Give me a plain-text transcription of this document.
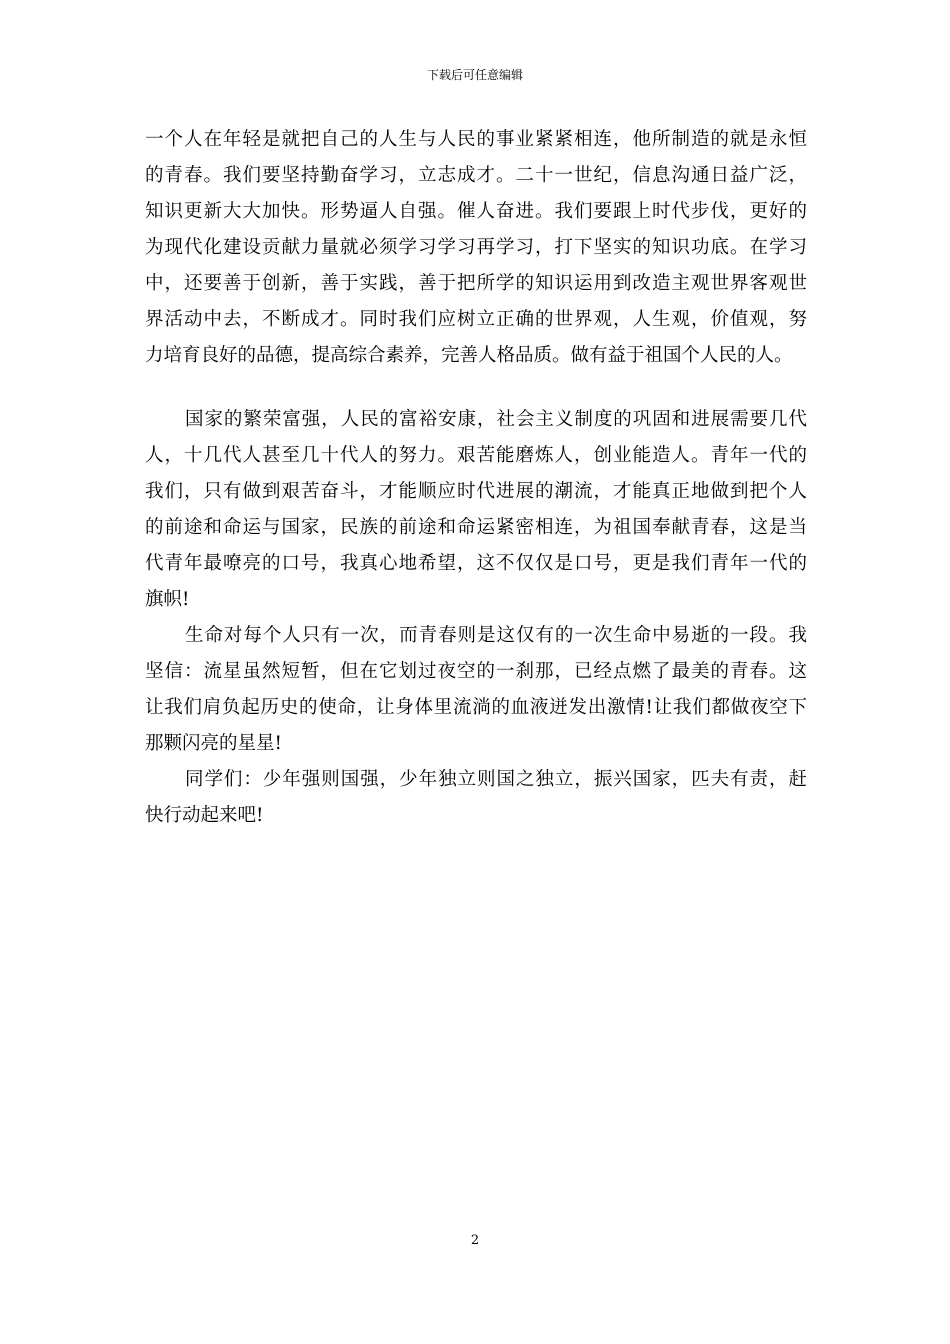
下载后可任意编辑
一个人在年轻是就把自己的人生与人民的事业紧紧相连，他所制造的就是永恒
的青春。我们要坚持勤奋学习，立志成才。二十一世纪，信息沟通日益广泛，
知识更新大大加快。形势逼人自强。催人奋进。我们要跟上时代步伐，更好的
为现代化建设贡献力量就必须学习学习再学习，打下坚实的知识功底。在学习
中，还要善于创新，善于实践，善于把所学的知识运用到改造主观世界客观世
界活动中去，不断成才。同时我们应树立正确的世界观，人生观，价值观，努
力培育良好的品德，提高综合素养，完善人格品质。做有益于祖国个人民的人。
国家的繁荣富强，人民的富裕安康，社会主义制度的巩固和进展需要几代
人，十几代人甚至几十代人的努力。艰苦能磨炼人，创业能造人。青年一代的
我们，只有做到艰苦奋斗，才能顺应时代进展的潮流，才能真正地做到把个人
的前途和命运与国家，民族的前途和命运紧密相连，为祖国奉献青春，这是当
代青年最嘹亮的口号，我真心地希望，这不仅仅是口号，更是我们青年一代的
旗帜!
生命对每个人只有一次，而青春则是这仅有的一次生命中易逝的一段。我
坚信：流星虽然短暂，但在它划过夜空的一刹那，已经点燃了最美的青春。这
让我们肩负起历史的使命，让身体里流淌的血液迸发出激情!让我们都做夜空下
那颗闪亮的星星!
同学们：少年强则国强，少年独立则国之独立，振兴国家，匹夫有责，赶
快行动起来吧!
2
